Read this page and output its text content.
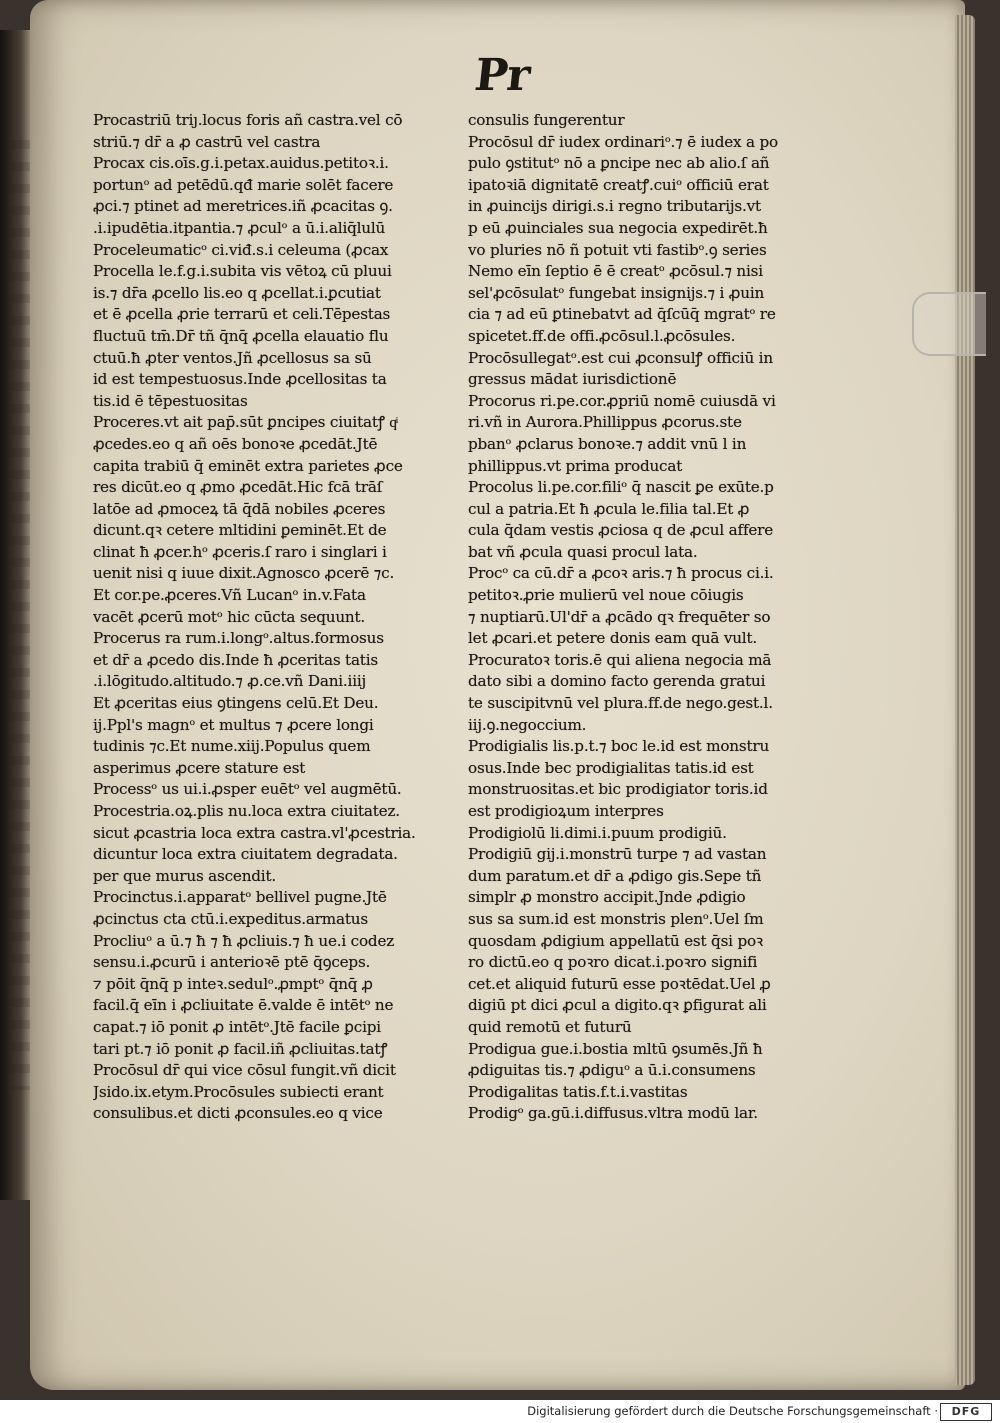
Pr
Procastriū triȷ.locus foris añ castra.vel cō
striū.⁊ dr̄ a ꝓ castrū vel castra
Procax cis.oīs.g.i.petax.auidus.petitoꝛ.i.
portunᵒ ad petēdū.qđ marie solēt facere
ꝓci.⁊ ptinet ad meretrices.iñ ꝓcacitas ꝯ.
.i.ipudētia.itpantia.⁊ ꝓculᵒ a ū.i.aliq̄lulū
Proceleumaticᵒ ci.viđ.s.i celeuma (ꝓcax
Procella le.f.g.i.subita vis vētoꝝ cū pluui
is.⁊ dr̄a ꝓcello lis.eo q ꝓcellat.i.ꝑcutiat
et ē ꝓcella ꝓrie terrarū et celi.Tēpestas
fluctuū tm̄.Dr̄ tñ q̄nq̄ ꝓcella elauatio flu
ctuū.ħ ꝓter ventos.Jñ ꝓcellosus sa sū
id est tempestuosus.Inde ꝓcellositas ta
tis.id ē tēpestuositas
Proceres.vt ait pap̄.sūt ꝑncipes ciuitatꝭ qͥ
ꝓcedes.eo q añ oēs bonoꝛe ꝓcedāt.Jtē
capita trabiū q̄ eminēt extra parietes ꝓce
res dicūt.eo q ꝓmo ꝓcedāt.Hic fcā trāſ
latōe ad ꝓmoceꝝ tā q̄dā nobiles ꝓceres
dicunt.qꝛ cetere mltidini ꝑeminēt.Et de
clinat ħ ꝓcer.hᵒ ꝓceris.ſ raro i singlari i
uenit nisi q iuue dixit.Agnosco ꝓcerē ⁊c.
Et cor.pe.ꝓceres.Vñ Lucanᵒ in.v.Fata
vacēt ꝓcerū motᵒ hic cūcta sequunt.
Procerus ra rum.i.longᵒ.altus.formosus
et dr̄ a ꝓcedo dis.Inde ħ ꝓceritas tatis
.i.lōgitudo.altitudo.⁊ ꝓ.ce.vñ Dani.iiij
Et ꝓceritas eius ꝯtingens celū.Et Deu.
ij.Ppl's magnᵒ et multus ⁊ ꝓcere longi
tudinis ⁊c.Et nume.xiij.Populus quem
asperimus ꝓcere stature est
Processᵒ us ui.i.ꝓsper euētᵒ vel augmētū.
Procestria.oꝝ.plis nu.loca extra ciuitatez.
sicut ꝓcastria loca extra castra.vl'ꝓcestria.
dicuntur loca extra ciuitatem degradata.
per que murus ascendit.
Procinctus.i.apparatᵒ bellivel pugne.Jtē
ꝓcinctus cta ctū.i.expeditus.armatus
Procliuᵒ a ū.⁊ ħ ⁊ ħ ꝓcliuis.⁊ ħ ue.i codez
sensu.i.ꝓcurū i anterioꝛē ptē q̄ꝯceps.
⁊ pōit q̄nq̄ p inteꝛ.sedulᵒ.ꝓmptᵒ q̄nq̄ ꝓ
facil.q̄ eīn i ꝓcliuitate ē.valde ē intētᵒ ne
capat.⁊ iō ponit ꝓ intētᵒ.Jtē facile ꝑcipi
tari pt.⁊ iō ponit ꝓ facil.iñ ꝓcliuitas.tatꝭ
Procōsul dr̄ qui vice cōsul fungit.vñ dicit
Jsido.ix.etym.Procōsules subiecti erant
consulibus.et dicti ꝓconsules.eo q vice
consulis fungerentur
Procōsul dr̄ iudex ordinariᵒ.⁊ ē iudex a po
pulo ꝯstitutᵒ nō a ꝑncipe nec ab alio.ſ añ
ipatoꝛiā dignitatē creatꝭ.cuiᵒ officiū erat
in ꝓuincijs dirigi.s.i regno tributarijs.vt
p eū ꝓuinciales sua negocia expedirēt.ħ
vo pluries nō ñ potuit vti fastibᵒ.ꝯ series
Nemo eīn ſeptio ē ē creatᵒ ꝓcōsul.⁊ nisi
sel'ꝓcōsulatᵒ fungebat insignijs.⁊ i ꝓuin
cia ⁊ ad eū ꝑtinebatvt ad q̄ſcūq̄ mgratᵒ re
spicetet.ff.de offi.ꝓcōsul.l.ꝓcōsules.
Procōsullegatᵒ.est cui ꝓconsulꝭ officiū in
gressus mādat iurisdictionē
Procorus ri.pe.cor.ꝓpriū nomē cuiusdā vi
ri.vñ in Aurora.Phillippus ꝓcorus.ste
pbanᵒ ꝓclarus bonoꝛe.⁊ addit vnū l in
phillippus.vt prima producat
Procolus li.pe.cor.filiᵒ q̄ nascit ꝑe exūte.p
cul a patria.Et ħ ꝓcula le.filia tal.Et ꝓ
cula q̄dam vestis ꝓciosa q de ꝓcul affere
bat vñ ꝓcula quasi procul lata.
Procᵒ ca cū.dr̄ a ꝓcoꝛ aris.⁊ ħ procus ci.i.
petitoꝛ.ꝓrie mulierū vel noue cōiugis
⁊ nuptiarū.Ul'dr̄ a ꝓcādo qꝛ frequēter so
let ꝓcari.et petere donis eam quā vult.
Procuratoꝛ toris.ē qui aliena negocia mā
dato sibi a domino facto gerenda gratui
te suscipitvnū vel plura.ff.de nego.gest.l.
iij.ꝯ.negoccium.
Prodigialis lis.p.t.⁊ boc le.id est monstru
osus.Inde bec prodigialitas tatis.id est
monstruositas.et bic prodigiator toris.id
est prodigioꝝum interpres
Prodigiolū li.dimi.i.puum prodigiū.
Prodigiū gij.i.monstrū turpe ⁊ ad vastan
dum paratum.et dr̄ a ꝓdigo gis.Sepe tñ
simplr ꝓ monstro accipit.Jnde ꝓdigio
sus sa sum.id est monstris plenᵒ.Uel ſm
quosdam ꝓdigium appellatū est q̄si poꝛ
ro dictū.eo q poꝛro dicat.i.poꝛro signifi
cet.et aliquid futurū esse poꝛtēdat.Uel ꝓ
digiū pt dici ꝓcul a digito.qꝛ ꝑfigurat ali
quid remotū et futurū
Prodigua gue.i.bostia mltū ꝯsumēs.Jñ ħ
ꝓdiguitas tis.⁊ ꝓdiguᵒ a ū.i.consumens
Prodigalitas tatis.f.t.i.vastitas
Prodigᵒ ga.gū.i.diffusus.vltra modū lar.
Digitalisierung gefördert durch die Deutsche Forschungsgemeinschaft ·	DFG
